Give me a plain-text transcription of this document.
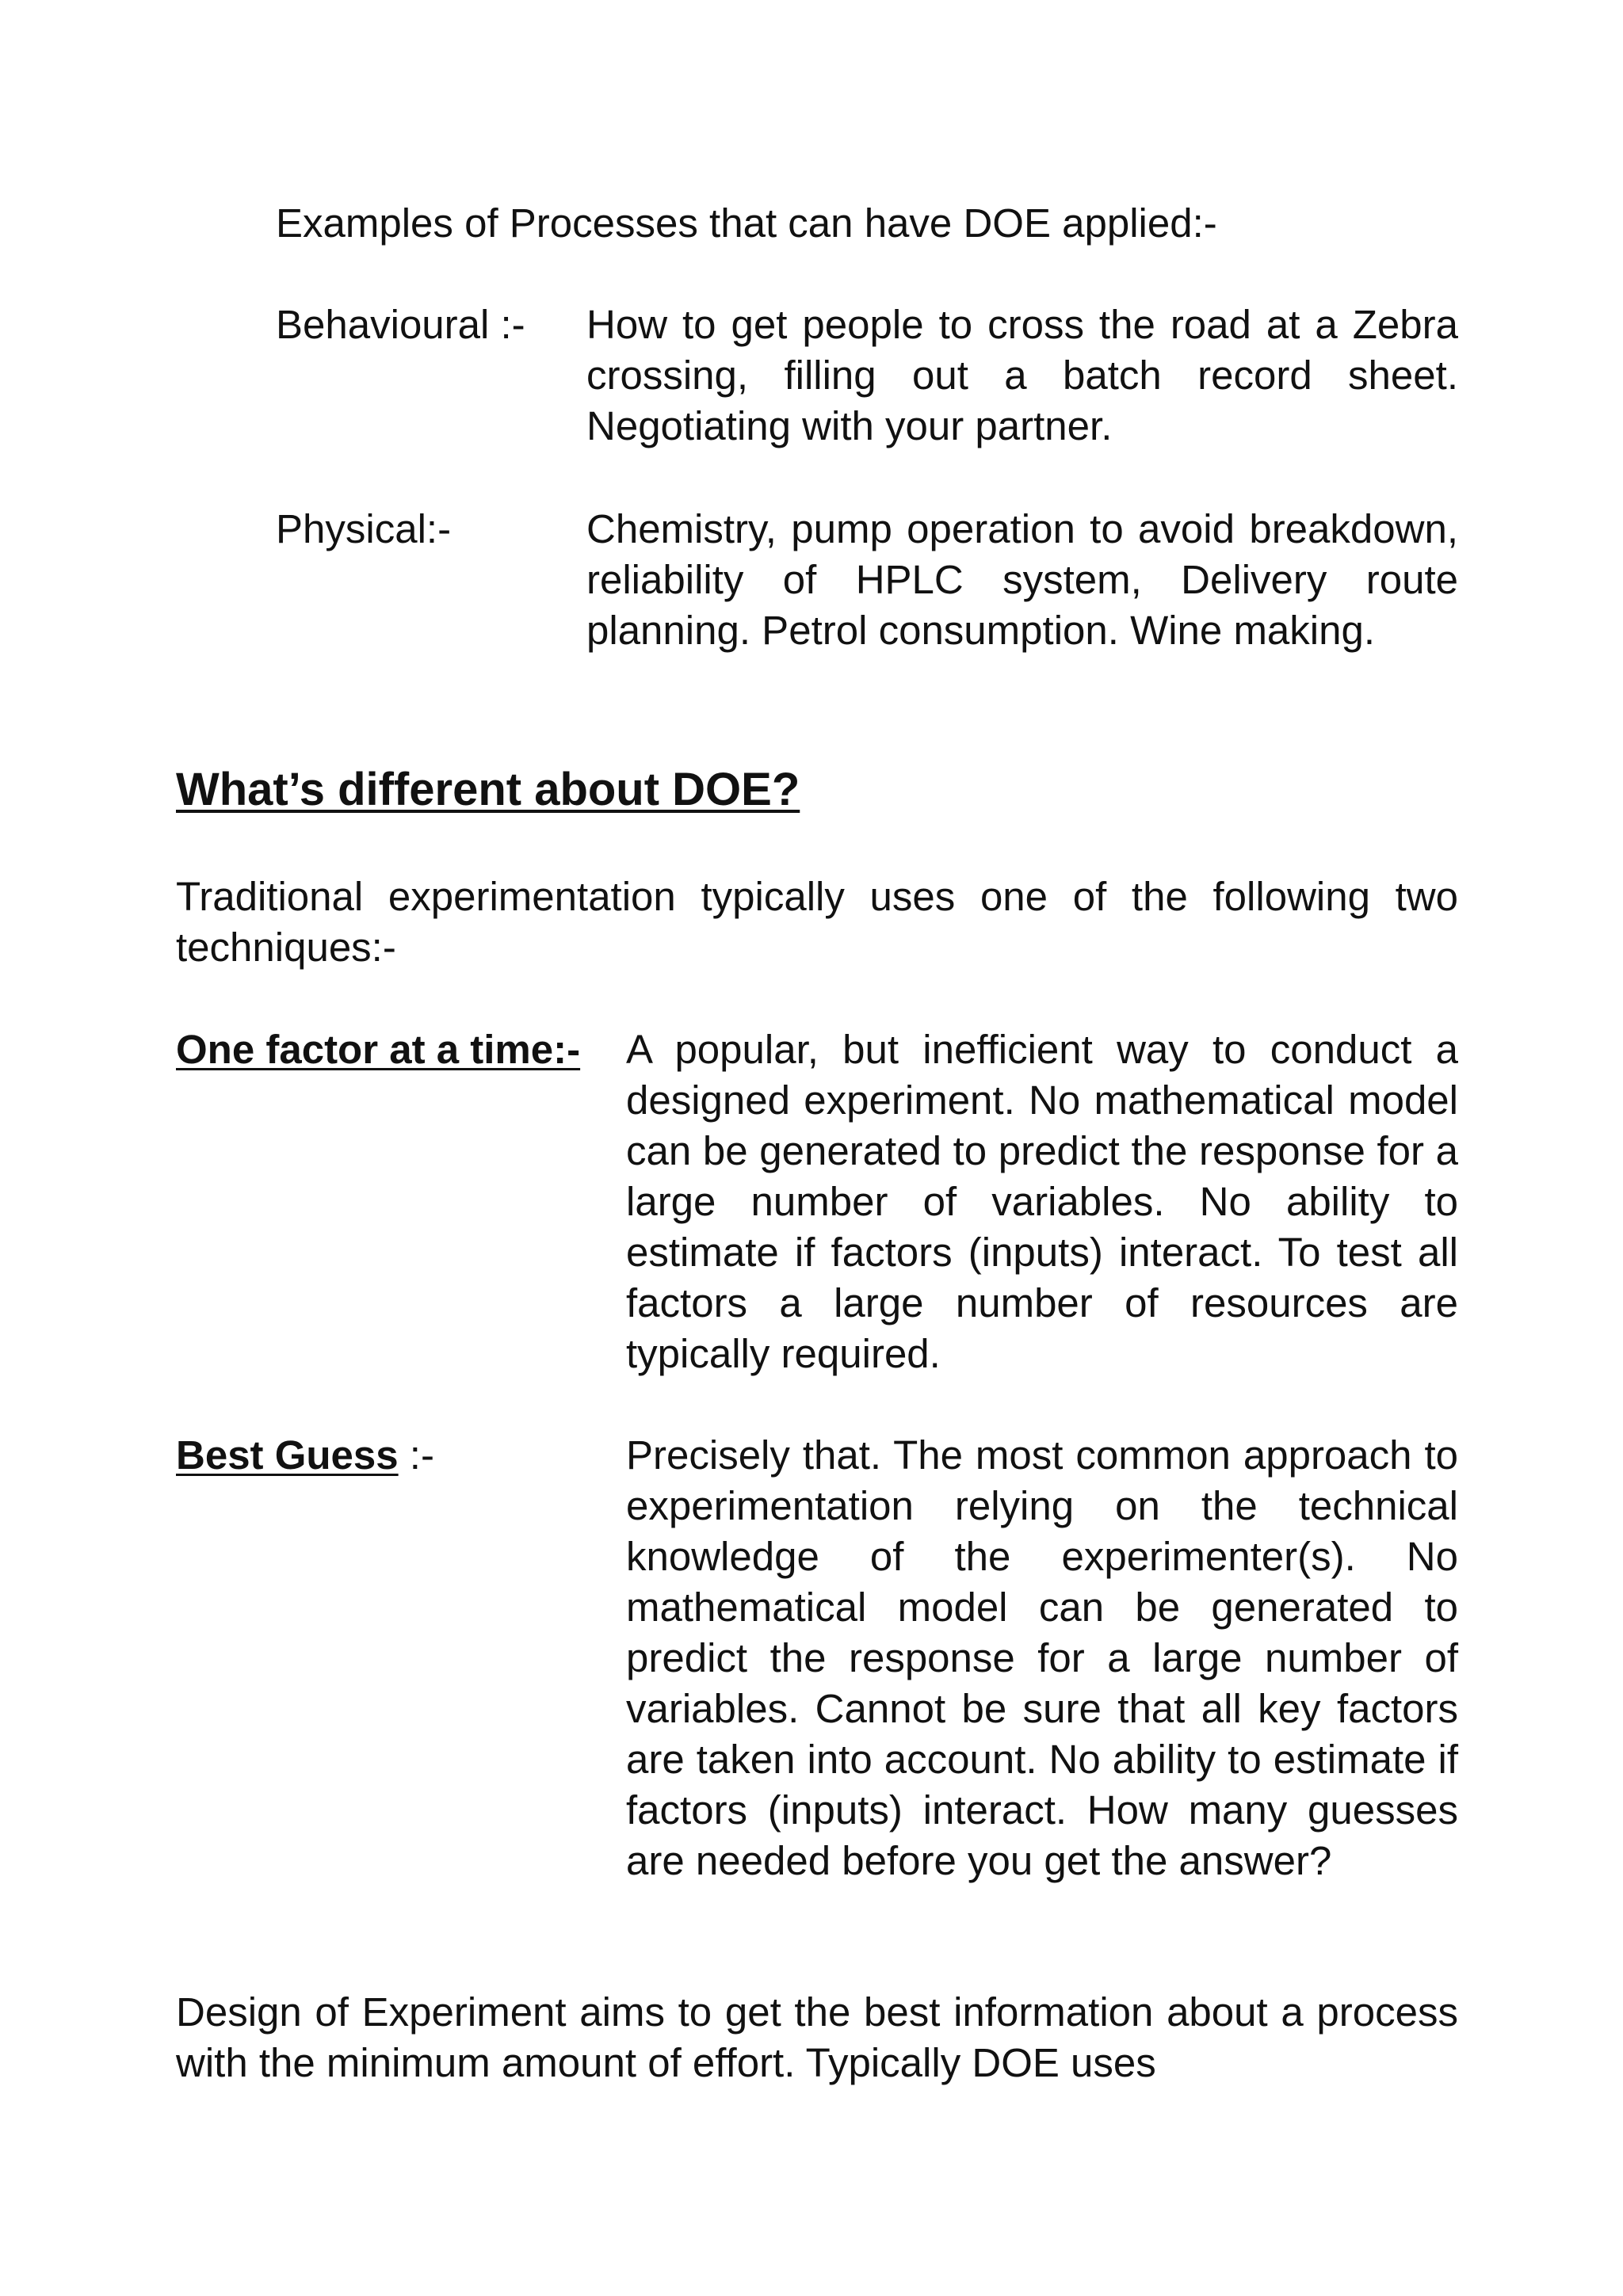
Examples of Processes that can have DOE applied:-

Behavioural :- How to get people to cross the road at a Zebra crossing, filling out a batch record sheet. Negotiating with your partner.

Physical:-	Chemistry, pump operation to avoid breakdown, reliability of HPLC system, Delivery route planning. Petrol consumption. Wine making.

What’s different about DOE?

Traditional experimentation typically uses one of the following two techniques:-

One factor at a time:- A popular, but inefficient way to conduct a designed experiment. No mathematical model can be generated to predict the response for a large number of variables. No ability to estimate if factors (inputs) interact. To test all factors a large number of resources are typically required.

Best Guess :-	Precisely that. The most common approach to experimentation relying on the technical knowledge of the experimenter(s). No mathematical model can be generated to predict the response for a large number of variables. Cannot be sure that all key factors are taken into account. No ability to estimate if factors (inputs) interact. How many guesses are needed before you get the answer?

Design of Experiment aims to get the best information about a process with the minimum amount of effort. Typically DOE uses
